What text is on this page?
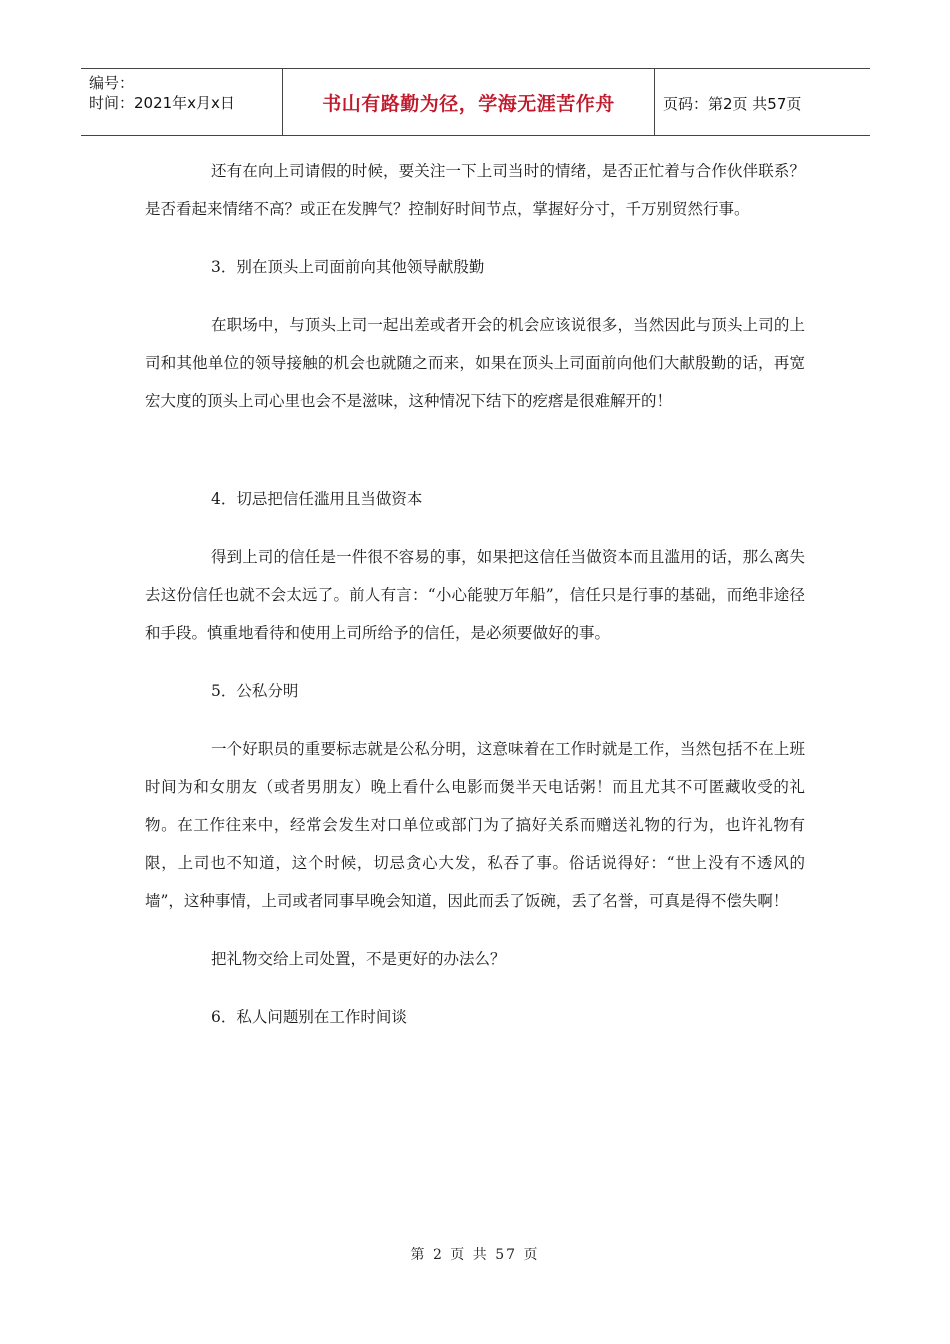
编号：
时间：2021年x月x日	书山有路勤为径，学海无涯苦作舟	页码：第2页 共57页

还有在向上司请假的时候，要关注一下上司当时的情绪，是否正忙着与合作伙伴联系？是否看起来情绪不高？或正在发脾气？控制好时间节点，掌握好分寸，千万别贸然行事。

3．别在顶头上司面前向其他领导献殷勤

在职场中，与顶头上司一起出差或者开会的机会应该说很多，当然因此与顶头上司的上司和其他单位的领导接触的机会也就随之而来，如果在顶头上司面前向他们大献殷勤的话，再宽宏大度的顶头上司心里也会不是滋味，这种情况下结下的疙瘩是很难解开的！

4．切忌把信任滥用且当做资本

得到上司的信任是一件很不容易的事，如果把这信任当做资本而且滥用的话，那么离失去这份信任也就不会太远了。前人有言：“小心能驶万年船”，信任只是行事的基础，而绝非途径和手段。慎重地看待和使用上司所给予的信任，是必须要做好的事。

5．公私分明

一个好职员的重要标志就是公私分明，这意味着在工作时就是工作，当然包括不在上班时间为和女朋友（或者男朋友）晚上看什么电影而煲半天电话粥！而且尤其不可匿藏收受的礼物。在工作往来中，经常会发生对口单位或部门为了搞好关系而赠送礼物的行为，也许礼物有限，上司也不知道，这个时候，切忌贪心大发，私吞了事。俗话说得好：“世上没有不透风的墙”，这种事情，上司或者同事早晚会知道，因此而丢了饭碗，丢了名誉，可真是得不偿失啊！

把礼物交给上司处置，不是更好的办法么？

6．私人问题别在工作时间谈

第 2 页 共 57 页
